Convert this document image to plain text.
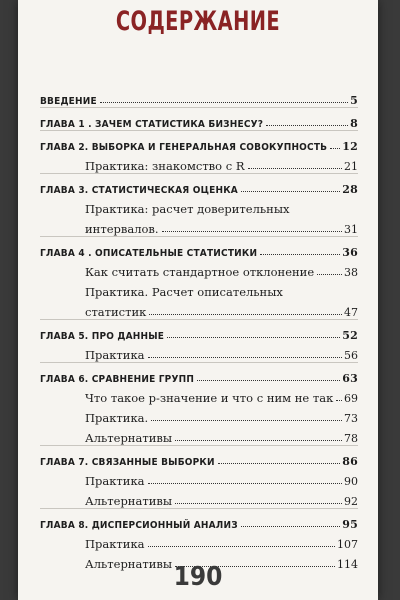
СОДЕРЖАНИЕ
ВВЕДЕНИЕ	5
ГЛАВА 1 . ЗАЧЕМ СТАТИСТИКА БИЗНЕСУ?	8
ГЛАВА 2. ВЫБОРКА И ГЕНЕРАЛЬНАЯ СОВОКУПНОСТЬ 12
Практика: знакомство с R	21
ГЛАВА 3. СТАТИСТИЧЕСКАЯ ОЦЕНКА	28
Практика: расчет доверительных
интервалов.	31
ГЛАВА 4 . ОПИСАТЕЛЬНЫЕ СТАТИСТИКИ	36
Как считать стандартное отклонение	38
Практика. Расчет описательных
статистик	47
ГЛАВА 5. ПРО ДАННЫЕ	52
Практика	56
ГЛАВА 6. СРАВНЕНИЕ ГРУПП	63
Что такое p-значение и что с ним не так 69
Практика.	73
Альтернативы	78
ГЛАВА 7. СВЯЗАННЫЕ ВЫБОРКИ	86
Практика	90
Альтернативы	92
ГЛАВА 8. ДИСПЕРСИОННЫЙ АНАЛИЗ	95
Практика	107
Альтернативы	114
190
